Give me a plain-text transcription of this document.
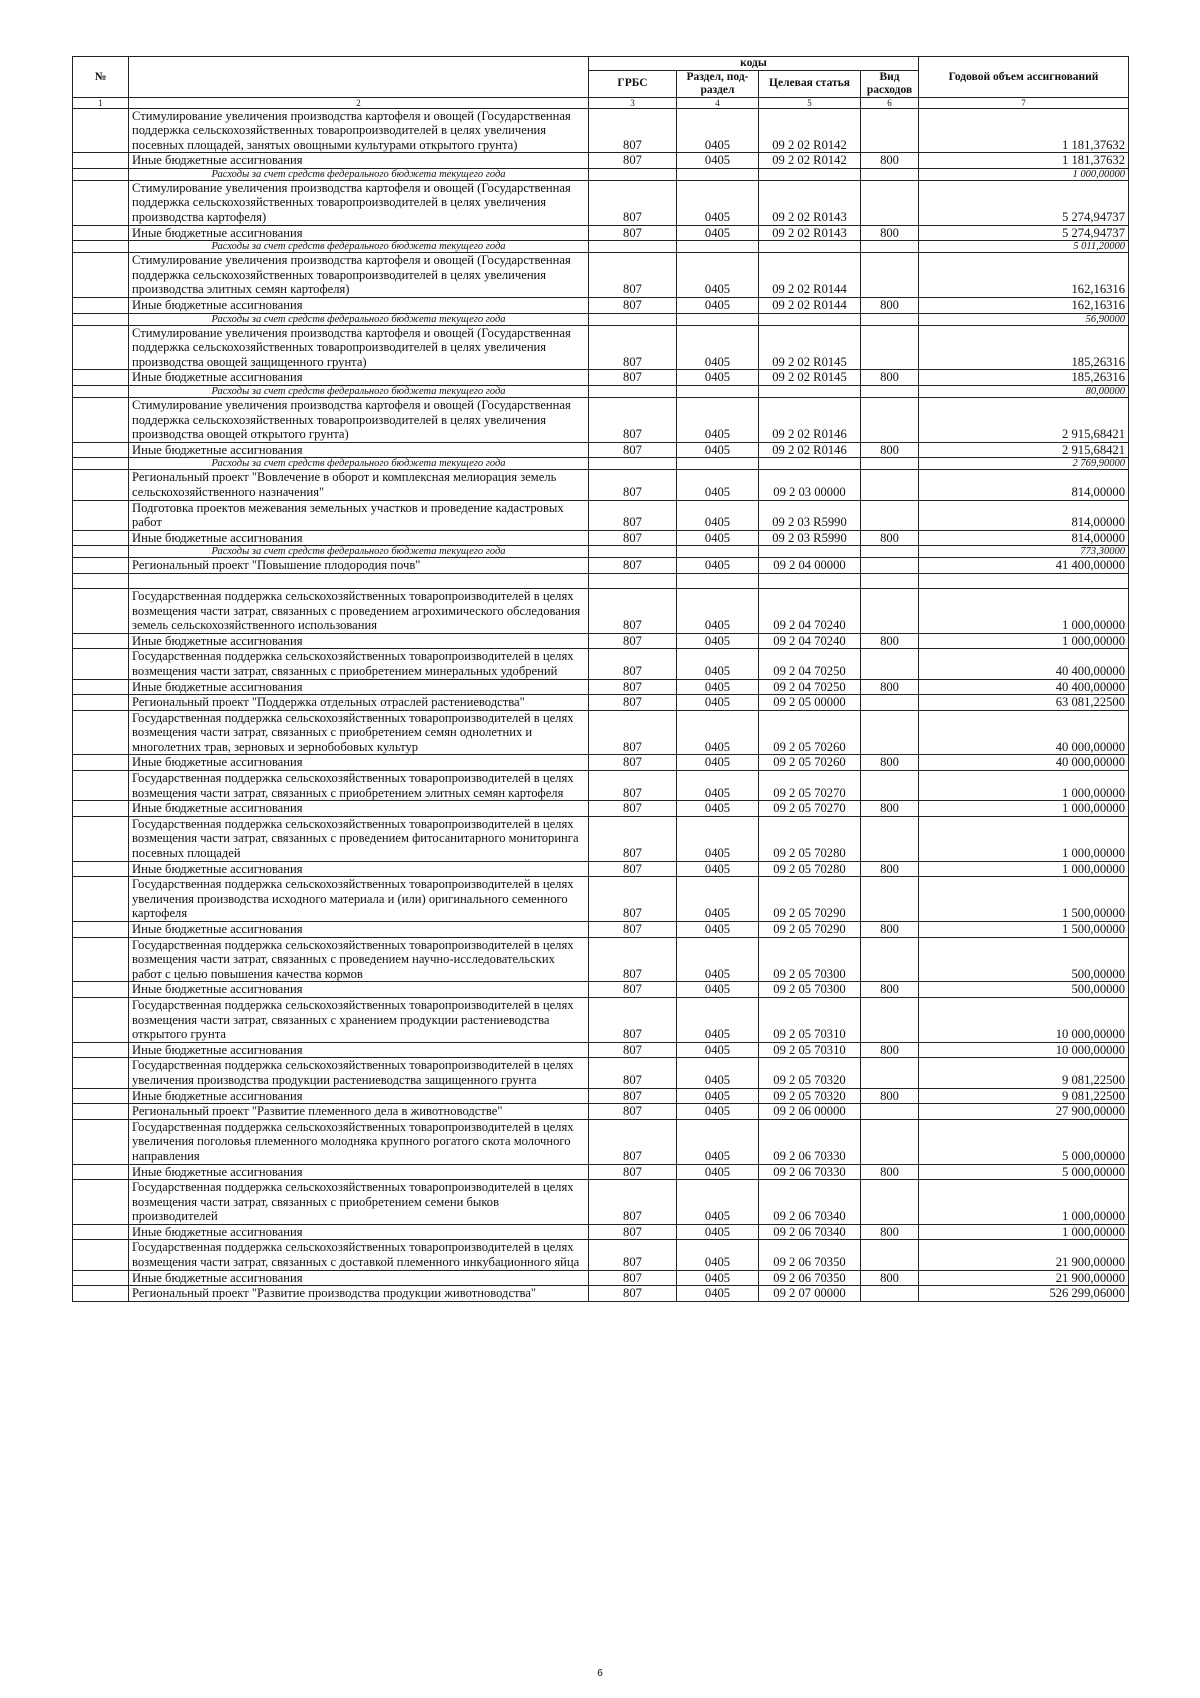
№		коды				Годовой объем ассигнований
		ГРБС	Раздел, под-раздел	Целевая статья	Вид расходов	
1	2	3	4	5	6	7
	Стимулирование увеличения производства картофеля и овощей (Государственная поддержка сельскохозяйственных товаропроизводителей в целях увеличения посевных площадей, занятых овощными культурами открытого грунта)	807	0405	09 2 02 R0142		1 181,37632
	Иные бюджетные ассигнования	807	0405	09 2 02 R0142	800	1 181,37632
	Расходы за счет средств федерального бюджета текущего года					1 000,00000
	Стимулирование увеличения производства картофеля и овощей (Государственная поддержка сельскохозяйственных товаропроизводителей в целях увеличения производства картофеля)	807	0405	09 2 02 R0143		5 274,94737
	Иные бюджетные ассигнования	807	0405	09 2 02 R0143	800	5 274,94737
	Расходы за счет средств федерального бюджета текущего года					5 011,20000
	Стимулирование увеличения производства картофеля и овощей (Государственная поддержка сельскохозяйственных товаропроизводителей в целях увеличения производства элитных семян картофеля)	807	0405	09 2 02 R0144		162,16316
	Иные бюджетные ассигнования	807	0405	09 2 02 R0144	800	162,16316
	Расходы за счет средств федерального бюджета текущего года					56,90000
	Стимулирование увеличения производства картофеля и овощей (Государственная поддержка сельскохозяйственных товаропроизводителей в целях увеличения производства овощей защищенного грунта)	807	0405	09 2 02 R0145		185,26316
	Иные бюджетные ассигнования	807	0405	09 2 02 R0145	800	185,26316
	Расходы за счет средств федерального бюджета текущего года					80,00000
	Стимулирование увеличения производства картофеля и овощей (Государственная поддержка сельскохозяйственных товаропроизводителей в целях увеличения производства овощей открытого грунта)	807	0405	09 2 02 R0146		2 915,68421
	Иные бюджетные ассигнования	807	0405	09 2 02 R0146	800	2 915,68421
	Расходы за счет средств федерального бюджета текущего года					2 769,90000
	Региональный проект "Вовлечение в оборот и комплексная мелиорация земель сельскохозяйственного назначения"	807	0405	09 2 03 00000		814,00000
	Подготовка проектов межевания земельных участков и проведение кадастровых работ	807	0405	09 2 03 R5990		814,00000
	Иные бюджетные ассигнования	807	0405	09 2 03 R5990	800	814,00000
	Расходы за счет средств федерального бюджета текущего года					773,30000
	Региональный проект "Повышение плодородия почв"	807	0405	09 2 04 00000		41 400,00000

	Государственная поддержка сельскохозяйственных товаропроизводителей в целях возмещения части затрат, связанных с проведением агрохимического обследования земель сельскохозяйственного использования	807	0405	09 2 04 70240		1 000,00000
	Иные бюджетные ассигнования	807	0405	09 2 04 70240	800	1 000,00000
	Государственная поддержка сельскохозяйственных товаропроизводителей в целях возмещения части затрат, связанных с приобретением минеральных удобрений	807	0405	09 2 04 70250		40 400,00000
	Иные бюджетные ассигнования	807	0405	09 2 04 70250	800	40 400,00000
	Региональный проект "Поддержка отдельных отраслей растениеводства"	807	0405	09 2 05 00000		63 081,22500
	Государственная поддержка сельскохозяйственных товаропроизводителей в целях возмещения части затрат, связанных с приобретением семян однолетних и многолетних трав, зерновых и зернобобовых культур	807	0405	09 2 05 70260		40 000,00000
	Иные бюджетные ассигнования	807	0405	09 2 05 70260	800	40 000,00000
	Государственная поддержка сельскохозяйственных товаропроизводителей в целях возмещения части затрат, связанных с приобретением элитных семян картофеля	807	0405	09 2 05 70270		1 000,00000
	Иные бюджетные ассигнования	807	0405	09 2 05 70270	800	1 000,00000
	Государственная поддержка сельскохозяйственных товаропроизводителей в целях возмещения части затрат, связанных с проведением фитосанитарного мониторинга посевных площадей	807	0405	09 2 05 70280		1 000,00000
	Иные бюджетные ассигнования	807	0405	09 2 05 70280	800	1 000,00000
	Государственная поддержка сельскохозяйственных товаропроизводителей в целях увеличения производства исходного материала и (или) оригинального семенного картофеля	807	0405	09 2 05 70290		1 500,00000
	Иные бюджетные ассигнования	807	0405	09 2 05 70290	800	1 500,00000
	Государственная поддержка сельскохозяйственных товаропроизводителей в целях возмещения части затрат, связанных с проведением научно-исследовательских работ с целью повышения качества кормов	807	0405	09 2 05 70300		500,00000
	Иные бюджетные ассигнования	807	0405	09 2 05 70300	800	500,00000
	Государственная поддержка сельскохозяйственных товаропроизводителей в целях возмещения части затрат, связанных с хранением продукции растениеводства открытого грунта	807	0405	09 2 05 70310		10 000,00000
	Иные бюджетные ассигнования	807	0405	09 2 05 70310	800	10 000,00000
	Государственная поддержка сельскохозяйственных товаропроизводителей в целях увеличения производства продукции растениеводства защищенного грунта	807	0405	09 2 05 70320		9 081,22500
	Иные бюджетные ассигнования	807	0405	09 2 05 70320	800	9 081,22500
	Региональный проект "Развитие племенного дела в животноводстве"	807	0405	09 2 06 00000		27 900,00000
	Государственная поддержка сельскохозяйственных товаропроизводителей в целях увеличения поголовья племенного молодняка крупного рогатого скота молочного направления	807	0405	09 2 06 70330		5 000,00000
	Иные бюджетные ассигнования	807	0405	09 2 06 70330	800	5 000,00000
	Государственная поддержка сельскохозяйственных товаропроизводителей в целях возмещения части затрат, связанных с приобретением семени быков производителей	807	0405	09 2 06 70340		1 000,00000
	Иные бюджетные ассигнования	807	0405	09 2 06 70340	800	1 000,00000
	Государственная поддержка сельскохозяйственных товаропроизводителей в целях возмещения части затрат, связанных с доставкой племенного инкубационного яйца	807	0405	09 2 06 70350		21 900,00000
	Иные бюджетные ассигнования	807	0405	09 2 06 70350	800	21 900,00000
	Региональный проект "Развитие производства продукции животноводства"	807	0405	09 2 07 00000		526 299,06000
6
